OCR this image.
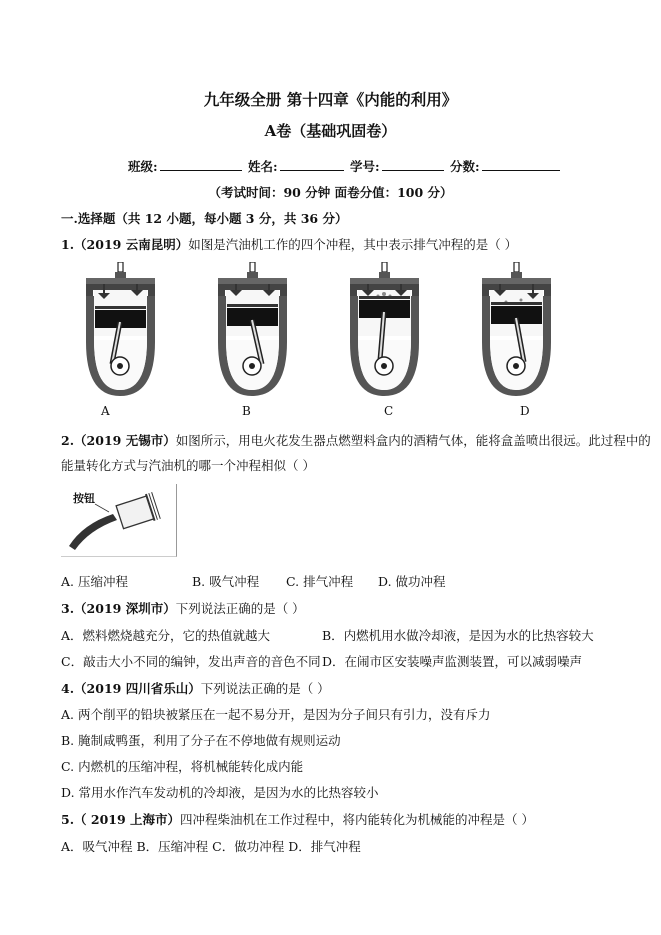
九年级全册 第十四章《内能的利用》
A卷（基础巩固卷）
班级:	姓名:	学号:	分数:
（考试时间：90 分钟 面卷分值：100 分）
一.选择题（共 12 小题，每小题 3 分，共 36 分）
1.（2019 云南昆明）如图是汽油机工作的四个冲程，其中表示排气冲程的是（ ）
A	B	C	D
2.（2019 无锡市）如图所示，用电火花发生器点燃塑料盒内的酒精气体，能将盒盖喷出很远。此过程中的
能量转化方式与汽油机的哪一个冲程相似（ ）
按钮
A. 压缩冲程	B. 吸气冲程 C. 排气冲程 D. 做功冲程
3.（2019 深圳市）下列说法正确的是（ ）
A．燃料燃烧越充分，它的热值就越大	B．内燃机用水做冷却液，是因为水的比热容较大
C．敲击大小不同的编钟，发出声音的音色不同 D．在闹市区安装噪声监测装置，可以减弱噪声
4.（2019 四川省乐山）下列说法正确的是（ ）
A. 两个削平的铅块被紧压在一起不易分开，是因为分子间只有引力，没有斥力
B. 腌制咸鸭蛋，利用了分子在不停地做有规则运动
C. 内燃机的压缩冲程，将机械能转化成内能
D. 常用水作汽车发动机的冷却液，是因为水的比热容较小
5.（ 2019 上海市）四冲程柴油机在工作过程中，将内能转化为机械能的冲程是（ ）
A．吸气冲程 B．压缩冲程 C．做功冲程 D．排气冲程
